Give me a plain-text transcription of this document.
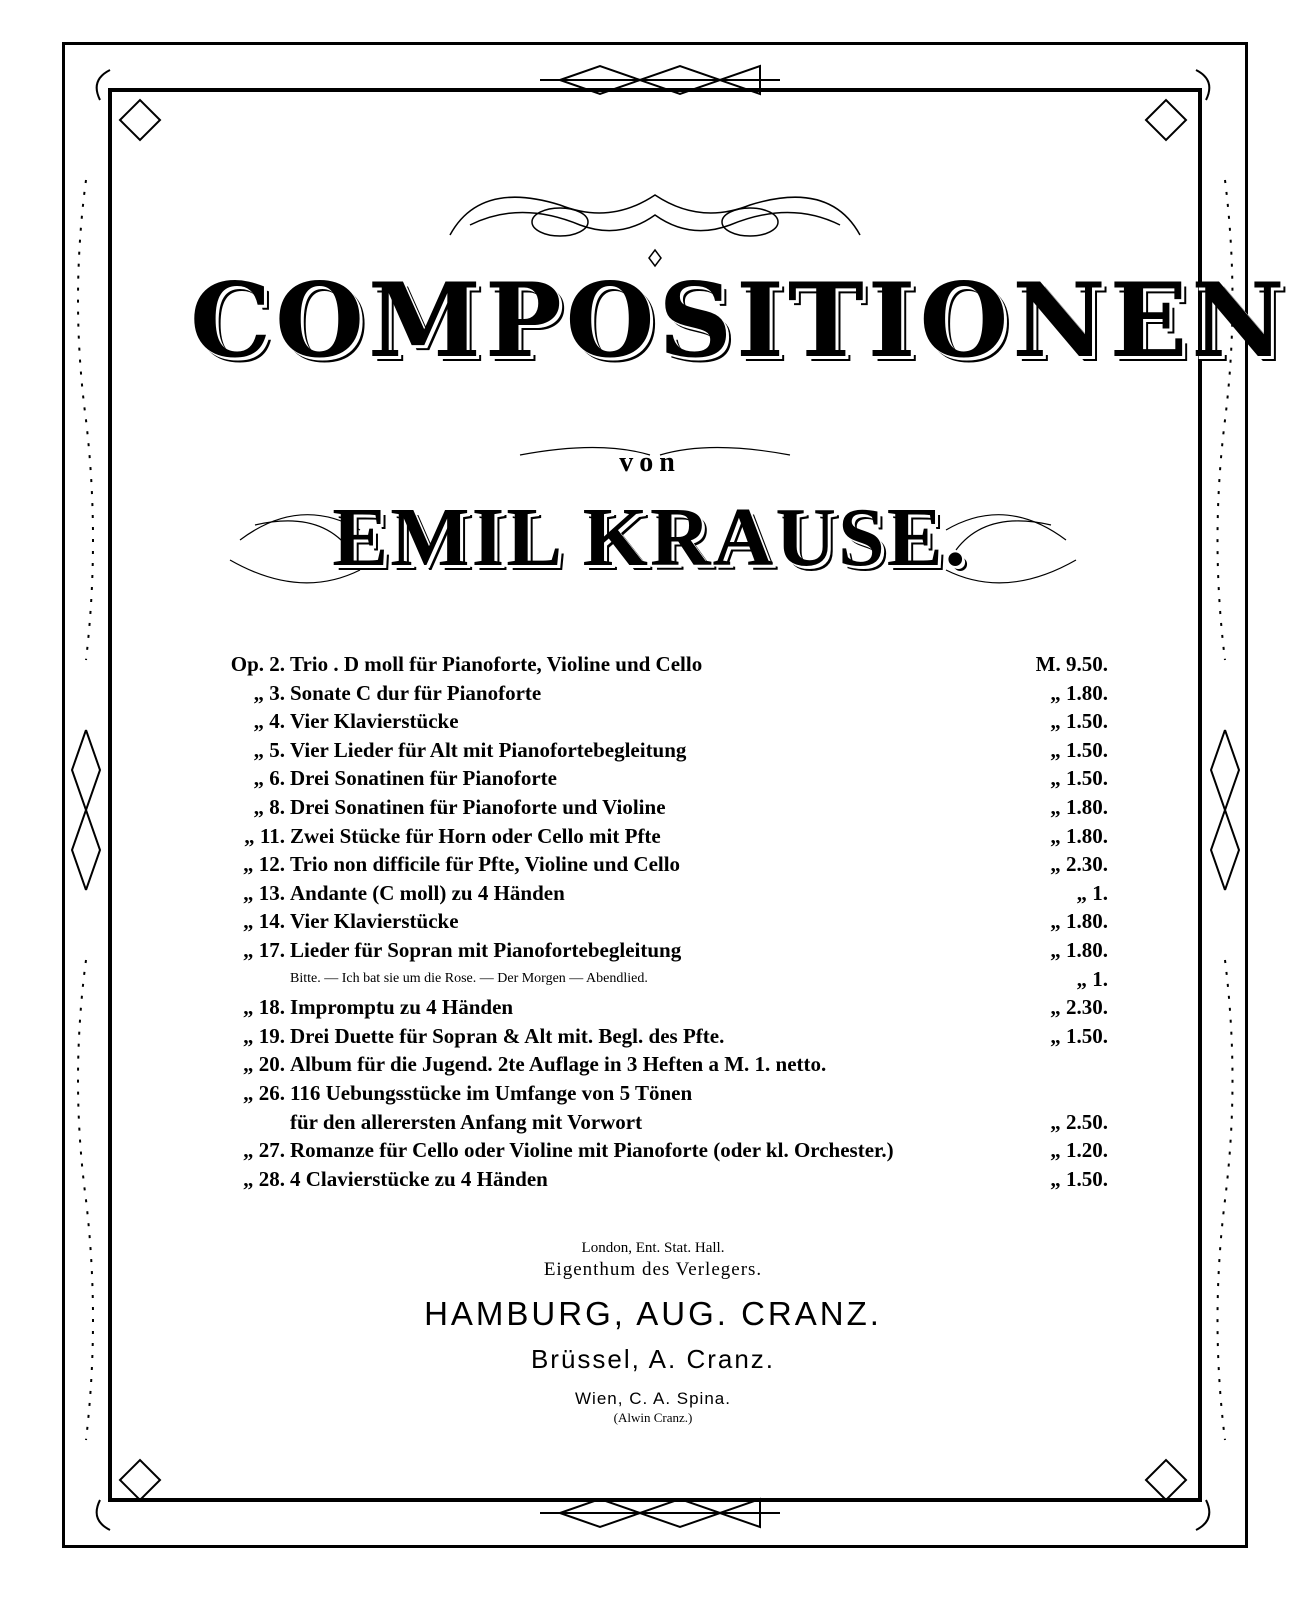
COMPOSITIONEN
von
EMIL KRAUSE.
Op. 2. Trio . D moll für Pianoforte, Violine und Cello	M. 9.50.
„ 3. Sonate C dur für Pianoforte	„ 1.80.
„ 4. Vier Klavierstücke	„ 1.50.
„ 5. Vier Lieder für Alt mit Pianofortebegleitung	„ 1.50.
„ 6. Drei Sonatinen für Pianoforte	„ 1.50.
„ 8. Drei Sonatinen für Pianoforte und Violine	„ 1.80.
„ 11. Zwei Stücke für Horn oder Cello mit Pfte	„ 1.80.
„ 12. Trio non difficile für Pfte, Violine und Cello	„ 2.30.
„ 13. Andante (C moll) zu 4 Händen	„ 1.
„ 14. Vier Klavierstücke	„ 1.80.
„ 17. Lieder für Sopran mit Pianofortebegleitung	„ 1.80.
Bitte. — Ich bat sie um die Rose. — Der Morgen — Abendlied.	„ 1.
„ 18. Impromptu zu 4 Händen	„ 2.30.
„ 19. Drei Duette für Sopran & Alt mit. Begl. des Pfte.	„ 1.50.
„ 20. Album für die Jugend. 2te Auflage in 3 Heften a M. 1. netto.
„ 26. 116 Uebungsstücke im Umfange von 5 Tönen
für den allerersten Anfang mit Vorwort	„ 2.50.
„ 27. Romanze für Cello oder Violine mit Pianoforte (oder kl. Orchester.)	„ 1.20.
„ 28. 4 Clavierstücke zu 4 Händen	„ 1.50.
London, Ent. Stat. Hall.
Eigenthum des Verlegers.
HAMBURG, AUG. CRANZ.
Brüssel, A. Cranz.
Wien, C. A. Spina.
(Alwin Cranz.)
